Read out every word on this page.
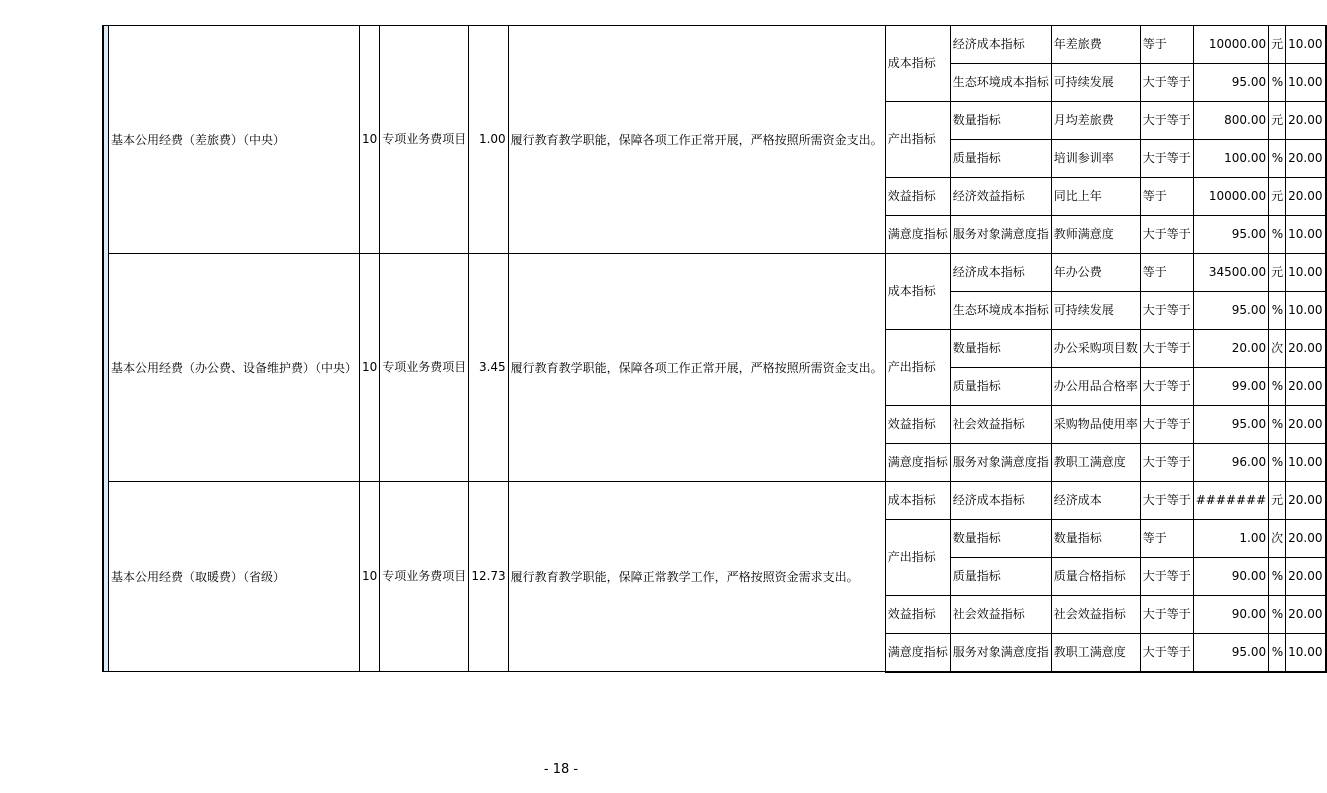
	基本公用经费（差旅费）（中央）	10	专项业务费项目	1.00	履行教育教学职能，保障各项工作正常开展，严格按照所需资金支出。	成本指标	经济成本指标	年差旅费	等于	10000.00	元	10.00
							生态环境成本指标	可持续发展	大于等于	95.00	%	10.00
						产出指标	数量指标	月均差旅费	大于等于	800.00	元	20.00
							质量指标	培训参训率	大于等于	100.00	%	20.00
						效益指标	经济效益指标	同比上年	等于	10000.00	元	20.00
						满意度指标	服务对象满意度指	教师满意度	大于等于	95.00	%	10.00
	基本公用经费（办公费、设备维护费）（中央）	10	专项业务费项目	3.45	履行教育教学职能，保障各项工作正常开展，严格按照所需资金支出。	成本指标	经济成本指标	年办公费	等于	34500.00	元	10.00
							生态环境成本指标	可持续发展	大于等于	95.00	%	10.00
						产出指标	数量指标	办公采购项目数	大于等于	20.00	次	20.00
							质量指标	办公用品合格率	大于等于	99.00	%	20.00
						效益指标	社会效益指标	采购物品使用率	大于等于	95.00	%	20.00
						满意度指标	服务对象满意度指	教职工满意度	大于等于	96.00	%	10.00
	基本公用经费（取暖费）（省级）	10	专项业务费项目	12.73	履行教育教学职能，保障正常教学工作，严格按照资金需求支出。	成本指标	经济成本指标	经济成本	大于等于	#######	元	20.00
						产出指标	数量指标	数量指标	等于	1.00	次	20.00
							质量指标	质量合格指标	大于等于	90.00	%	20.00
						效益指标	社会效益指标	社会效益指标	大于等于	90.00	%	20.00
						满意度指标	服务对象满意度指	教职工满意度	大于等于	95.00	%	10.00
- 18 -
